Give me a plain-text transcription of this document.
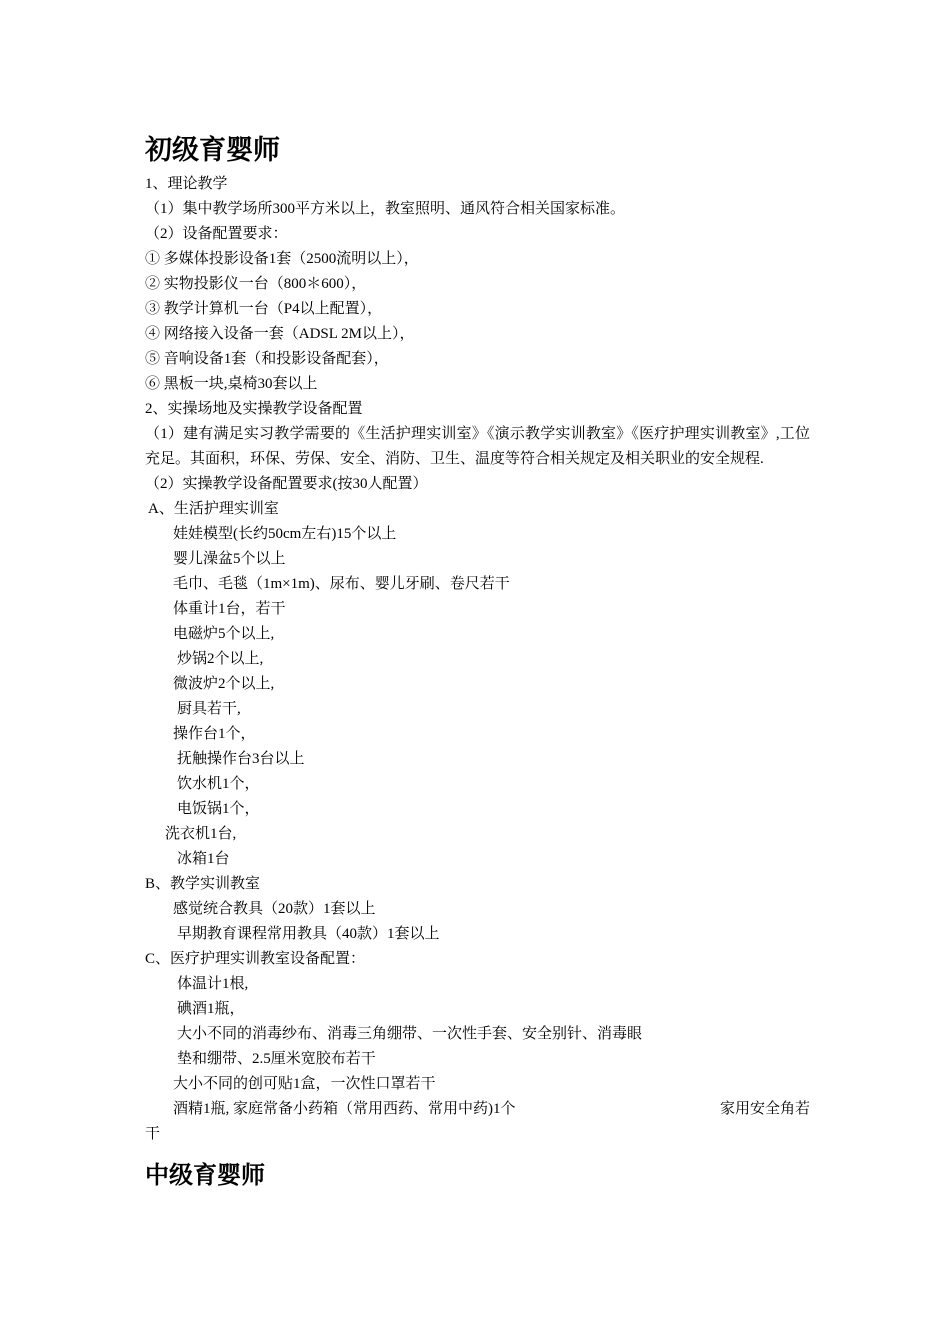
初级育婴师
1、理论教学
（1）集中教学场所300平方米以上，教室照明、通风符合相关国家标准。
（2）设备配置要求：
① 多媒体投影设备1套（2500流明以上），
② 实物投影仪一台（800＊600），
③ 教学计算机一台（P4以上配置），
④ 网络接入设备一套（ADSL 2M以上），
⑤ 音响设备1套（和投影设备配套），
⑥ 黑板一块,桌椅30套以上
2、实操场地及实操教学设备配置
（1）建有满足实习教学需要的《生活护理实训室》《演示教学实训教室》《医疗护理实训教室》,工位充足。其面积，环保、劳保、安全、消防、卫生、温度等符合相关规定及相关职业的安全规程.
（2）实操教学设备配置要求(按30人配置）
A、生活护理实训室
娃娃模型(长约50cm左右)15个以上
婴儿澡盆5个以上
毛巾、毛毯（1m×1m)、尿布、婴儿牙刷、卷尺若干
体重计1台，若干
电磁炉5个以上,
炒锅2个以上,
微波炉2个以上,
厨具若干,
操作台1个，
抚触操作台3台以上
饮水机1个，
电饭锅1个，
洗衣机1台,
冰箱1台
B、教学实训教室
感觉统合教具（20款）1套以上
早期教育课程常用教具（40款）1套以上
C、医疗护理实训教室设备配置：
体温计1根,
碘酒1瓶，
大小不同的消毒纱布、消毒三角绷带、一次性手套、安全别针、消毒眼
垫和绷带、2.5厘米宽胶布若干
大小不同的创可贴1盒，一次性口罩若干
酒精1瓶, 家庭常备小药箱（常用西药、常用中药)1个	家用安全角若
干
中级育婴师
